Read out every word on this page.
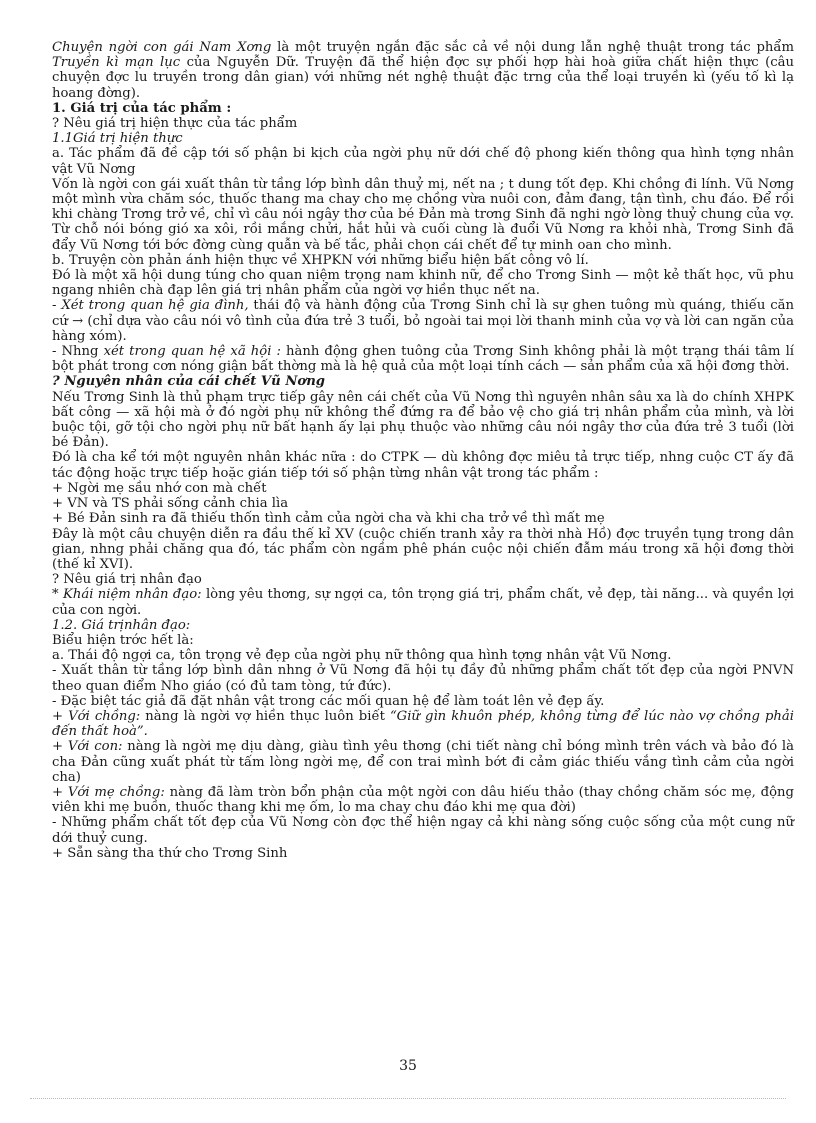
Chuyện ngời con gái Nam Xơng là một truyện ngắn đặc sắc cả về nội dung lẫn nghệ thuật trong tác phẩm Truyền kì mạn lục của Nguyễn Dữ. Truyện đã thể hiện đợc sự phối hợp hài hoà giữa chất hiện thực (câu chuyện đợc lu truyền trong dân gian) với những nét nghệ thuật đặc trng của thể loại truyền kì (yếu tố kì lạ hoang đờng).

1. Giá trị của tác phẩm :

? Nêu giá trị hiện thực của tác phẩm

1.1Giá trị hiện thực

a. Tác phẩm đã đề cập tới số phận bi kịch của ngời phụ nữ dới chế độ phong kiến thông qua hình tợng nhân vật Vũ Nơng

Vốn là ngời con gái xuất thân từ tầng lớp bình dân thuỷ mị, nết na ; t dung tốt đẹp. Khi chồng đi lính. Vũ Nơng một mình vừa chăm sóc, thuốc thang ma chay cho mẹ chồng vừa nuôi con, đảm đang, tận tình, chu đáo. Để rồi khi chàng Trơng trở về, chỉ vì câu nói ngây thơ của bé Đản mà trơng Sinh đã nghi ngờ lòng thuỷ chung của vợ. Từ chỗ nói bóng gió xa xôi, rồi mắng chửi, hắt hủi và cuối cùng là đuổi Vũ Nơng ra khỏi nhà, Trơng Sinh đã đẩy Vũ Nơng tới bớc đờng cùng quẫn và bế tắc, phải chọn cái chết để tự minh oan cho mình.

b. Truyện còn phản ánh hiện thực về XHPKN với những biểu hiện bất công vô lí.

Đó là một xã hội dung túng cho quan niệm trọng nam khinh nữ, để cho Trơng Sinh — một kẻ thất học, vũ phu ngang nhiên chà đạp lên giá trị nhân phẩm của ngời vợ hiền thục nết na.

- Xét trong quan hệ gia đình, thái độ và hành động của Trơng Sinh chỉ là sự ghen tuông mù quáng, thiếu căn cứ → (chỉ dựa vào câu nói vô tình của đứa trẻ 3 tuổi, bỏ ngoài tai mọi lời thanh minh của vợ và lời can ngăn của hàng xóm).

- Nhng xét trong quan hệ xã hội : hành động ghen tuông của Trơng Sinh không phải là một trạng thái tâm lí bột phát trong cơn nóng giận bất thờng mà là hệ quả của một loại tính cách — sản phẩm của xã hội đơng thời.

? Nguyên nhân của cái chết Vũ Nơng

Nếu Trơng Sinh là thủ phạm trực tiếp gây nên cái chết của Vũ Nơng thì nguyên nhân sâu xa là do chính XHPK bất công — xã hội mà ở đó ngời phụ nữ không thể đứng ra để bảo vệ cho giá trị nhân phẩm của mình, và lời buộc tội, gỡ tội cho ngời phụ nữ bất hạnh ấy lại phụ thuộc vào những câu nói ngây thơ của đứa trẻ 3 tuổi (lời bé Đản).

Đó là cha kể tới một nguyên nhân khác nữa : do CTPK — dù không đợc miêu tả trực tiếp, nhng cuộc CT ấy đã tác động hoặc trực tiếp hoặc gián tiếp tới số phận từng nhân vật trong tác phẩm :

+ Ngời mẹ sầu nhớ con mà chết

+ VN và TS phải sống cảnh chia lìa

+ Bé Đản sinh ra đã thiếu thốn tình cảm của ngời cha và khi cha trở về thì mất mẹ

Đây là một câu chuyện diễn ra đầu thế kỉ XV (cuộc chiến tranh xảy ra thời nhà Hồ) đợc truyền tụng trong dân gian, nhng phải chăng qua đó, tác phẩm còn ngầm phê phán cuộc nội chiến đẫm máu trong xã hội đơng thời (thế kỉ XVI).

? Nêu giá trị nhân đạo

* Khái niệm nhân đạo: lòng yêu thơng, sự ngợi ca, tôn trọng giá trị, phẩm chất, vẻ đẹp, tài năng... và quyền lợi của con ngời.

1.2. Giá trịnhân đạo:

Biểu hiện trớc hết là:

a. Thái độ ngợi ca, tôn trọng vẻ đẹp của ngời phụ nữ thông qua hình tợng nhân vật Vũ Nơng.

- Xuất thân từ tầng lớp bình dân nhng ở Vũ Nơng đã hội tụ đầy đủ những phẩm chất tốt đẹp của ngời PNVN theo quan điểm Nho giáo (có đủ tam tòng, tứ đức).

- Đặc biệt tác giả đã đặt nhân vật trong các mối quan hệ để làm toát lên vẻ đẹp ấy.

+ Với chồng: nàng là ngời vợ hiền thục luôn biết “Giữ gìn khuôn phép, không từng để lúc nào vợ chồng phải đến thất hoà”.

+ Với con: nàng là ngời mẹ dịu dàng, giàu tình yêu thơng (chi tiết nàng chỉ bóng mình trên vách và bảo đó là cha Đản cũng xuất phát từ tấm lòng ngời mẹ, để con trai mình bớt đi cảm giác thiếu vắng tình cảm của ngời cha)

+ Với mẹ chồng: nàng đã làm tròn bổn phận của một ngời con dâu hiếu thảo (thay chồng chăm sóc mẹ, động viên khi mẹ buồn, thuốc thang khi mẹ ốm, lo ma chay chu đáo khi mẹ qua đời)

- Những phẩm chất tốt đẹp của Vũ Nơng còn đợc thể hiện ngay cả khi nàng sống cuộc sống của một cung nữ dới thuỷ cung.

+ Sẵn sàng tha thứ cho Trơng Sinh

35
